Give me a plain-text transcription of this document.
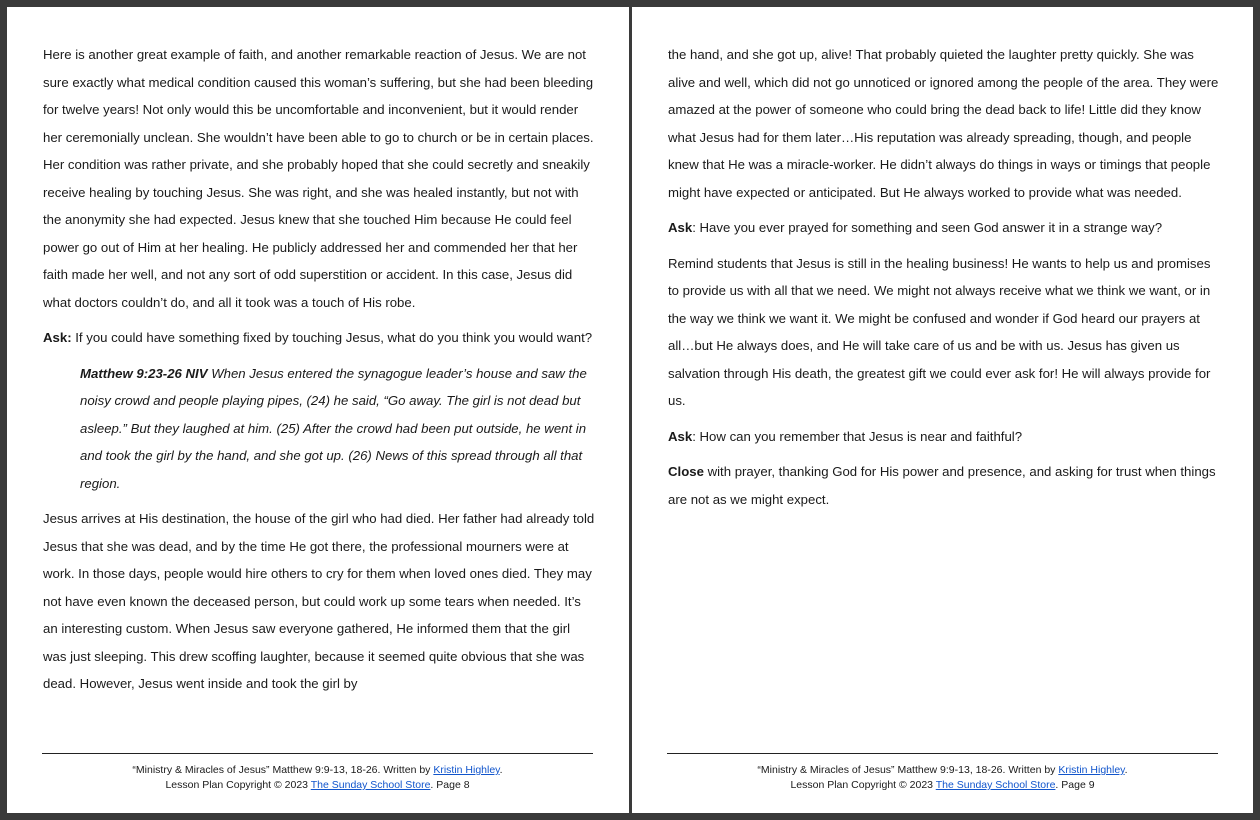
Here is another great example of faith, and another remarkable reaction of Jesus. We are not sure exactly what medical condition caused this woman’s suffering, but she had been bleeding for twelve years! Not only would this be uncomfortable and inconvenient, but it would render her ceremonially unclean. She wouldn’t have been able to go to church or be in certain places. Her condition was rather private, and she probably hoped that she could secretly and sneakily receive healing by touching Jesus. She was right, and she was healed instantly, but not with the anonymity she had expected. Jesus knew that she touched Him because He could feel power go out of Him at her healing. He publicly addressed her and commended her that her faith made her well, and not any sort of odd superstition or accident. In this case, Jesus did what doctors couldn’t do, and all it took was a touch of His robe.

Ask: If you could have something fixed by touching Jesus, what do you think you would want?

Matthew 9:23-26 NIV When Jesus entered the synagogue leader’s house and saw the noisy crowd and people playing pipes, (24) he said, “Go away. The girl is not dead but asleep.” But they laughed at him. (25) After the crowd had been put outside, he went in and took the girl by the hand, and she got up. (26) News of this spread through all that region.

Jesus arrives at His destination, the house of the girl who had died. Her father had already told Jesus that she was dead, and by the time He got there, the professional mourners were at work. In those days, people would hire others to cry for them when loved ones died. They may not have even known the deceased person, but could work up some tears when needed. It’s an interesting custom. When Jesus saw everyone gathered, He informed them that the girl was just sleeping. This drew scoffing laughter, because it seemed quite obvious that she was dead. However, Jesus went inside and took the girl by

“Ministry & Miracles of Jesus” Matthew 9:9-13, 18-26. Written by Kristin Highley.
Lesson Plan Copyright © 2023 The Sunday School Store. Page 8

the hand, and she got up, alive! That probably quieted the laughter pretty quickly. She was alive and well, which did not go unnoticed or ignored among the people of the area. They were amazed at the power of someone who could bring the dead back to life! Little did they know what Jesus had for them later…His reputation was already spreading, though, and people knew that He was a miracle-worker. He didn’t always do things in ways or timings that people might have expected or anticipated. But He always worked to provide what was needed.

Ask: Have you ever prayed for something and seen God answer it in a strange way?

Remind students that Jesus is still in the healing business! He wants to help us and promises to provide us with all that we need. We might not always receive what we think we want, or in the way we think we want it. We might be confused and wonder if God heard our prayers at all…but He always does, and He will take care of us and be with us. Jesus has given us salvation through His death, the greatest gift we could ever ask for! He will always provide for us.

Ask: How can you remember that Jesus is near and faithful?

Close with prayer, thanking God for His power and presence, and asking for trust when things are not as we might expect.

“Ministry & Miracles of Jesus” Matthew 9:9-13, 18-26. Written by Kristin Highley.
Lesson Plan Copyright © 2023 The Sunday School Store. Page 9
